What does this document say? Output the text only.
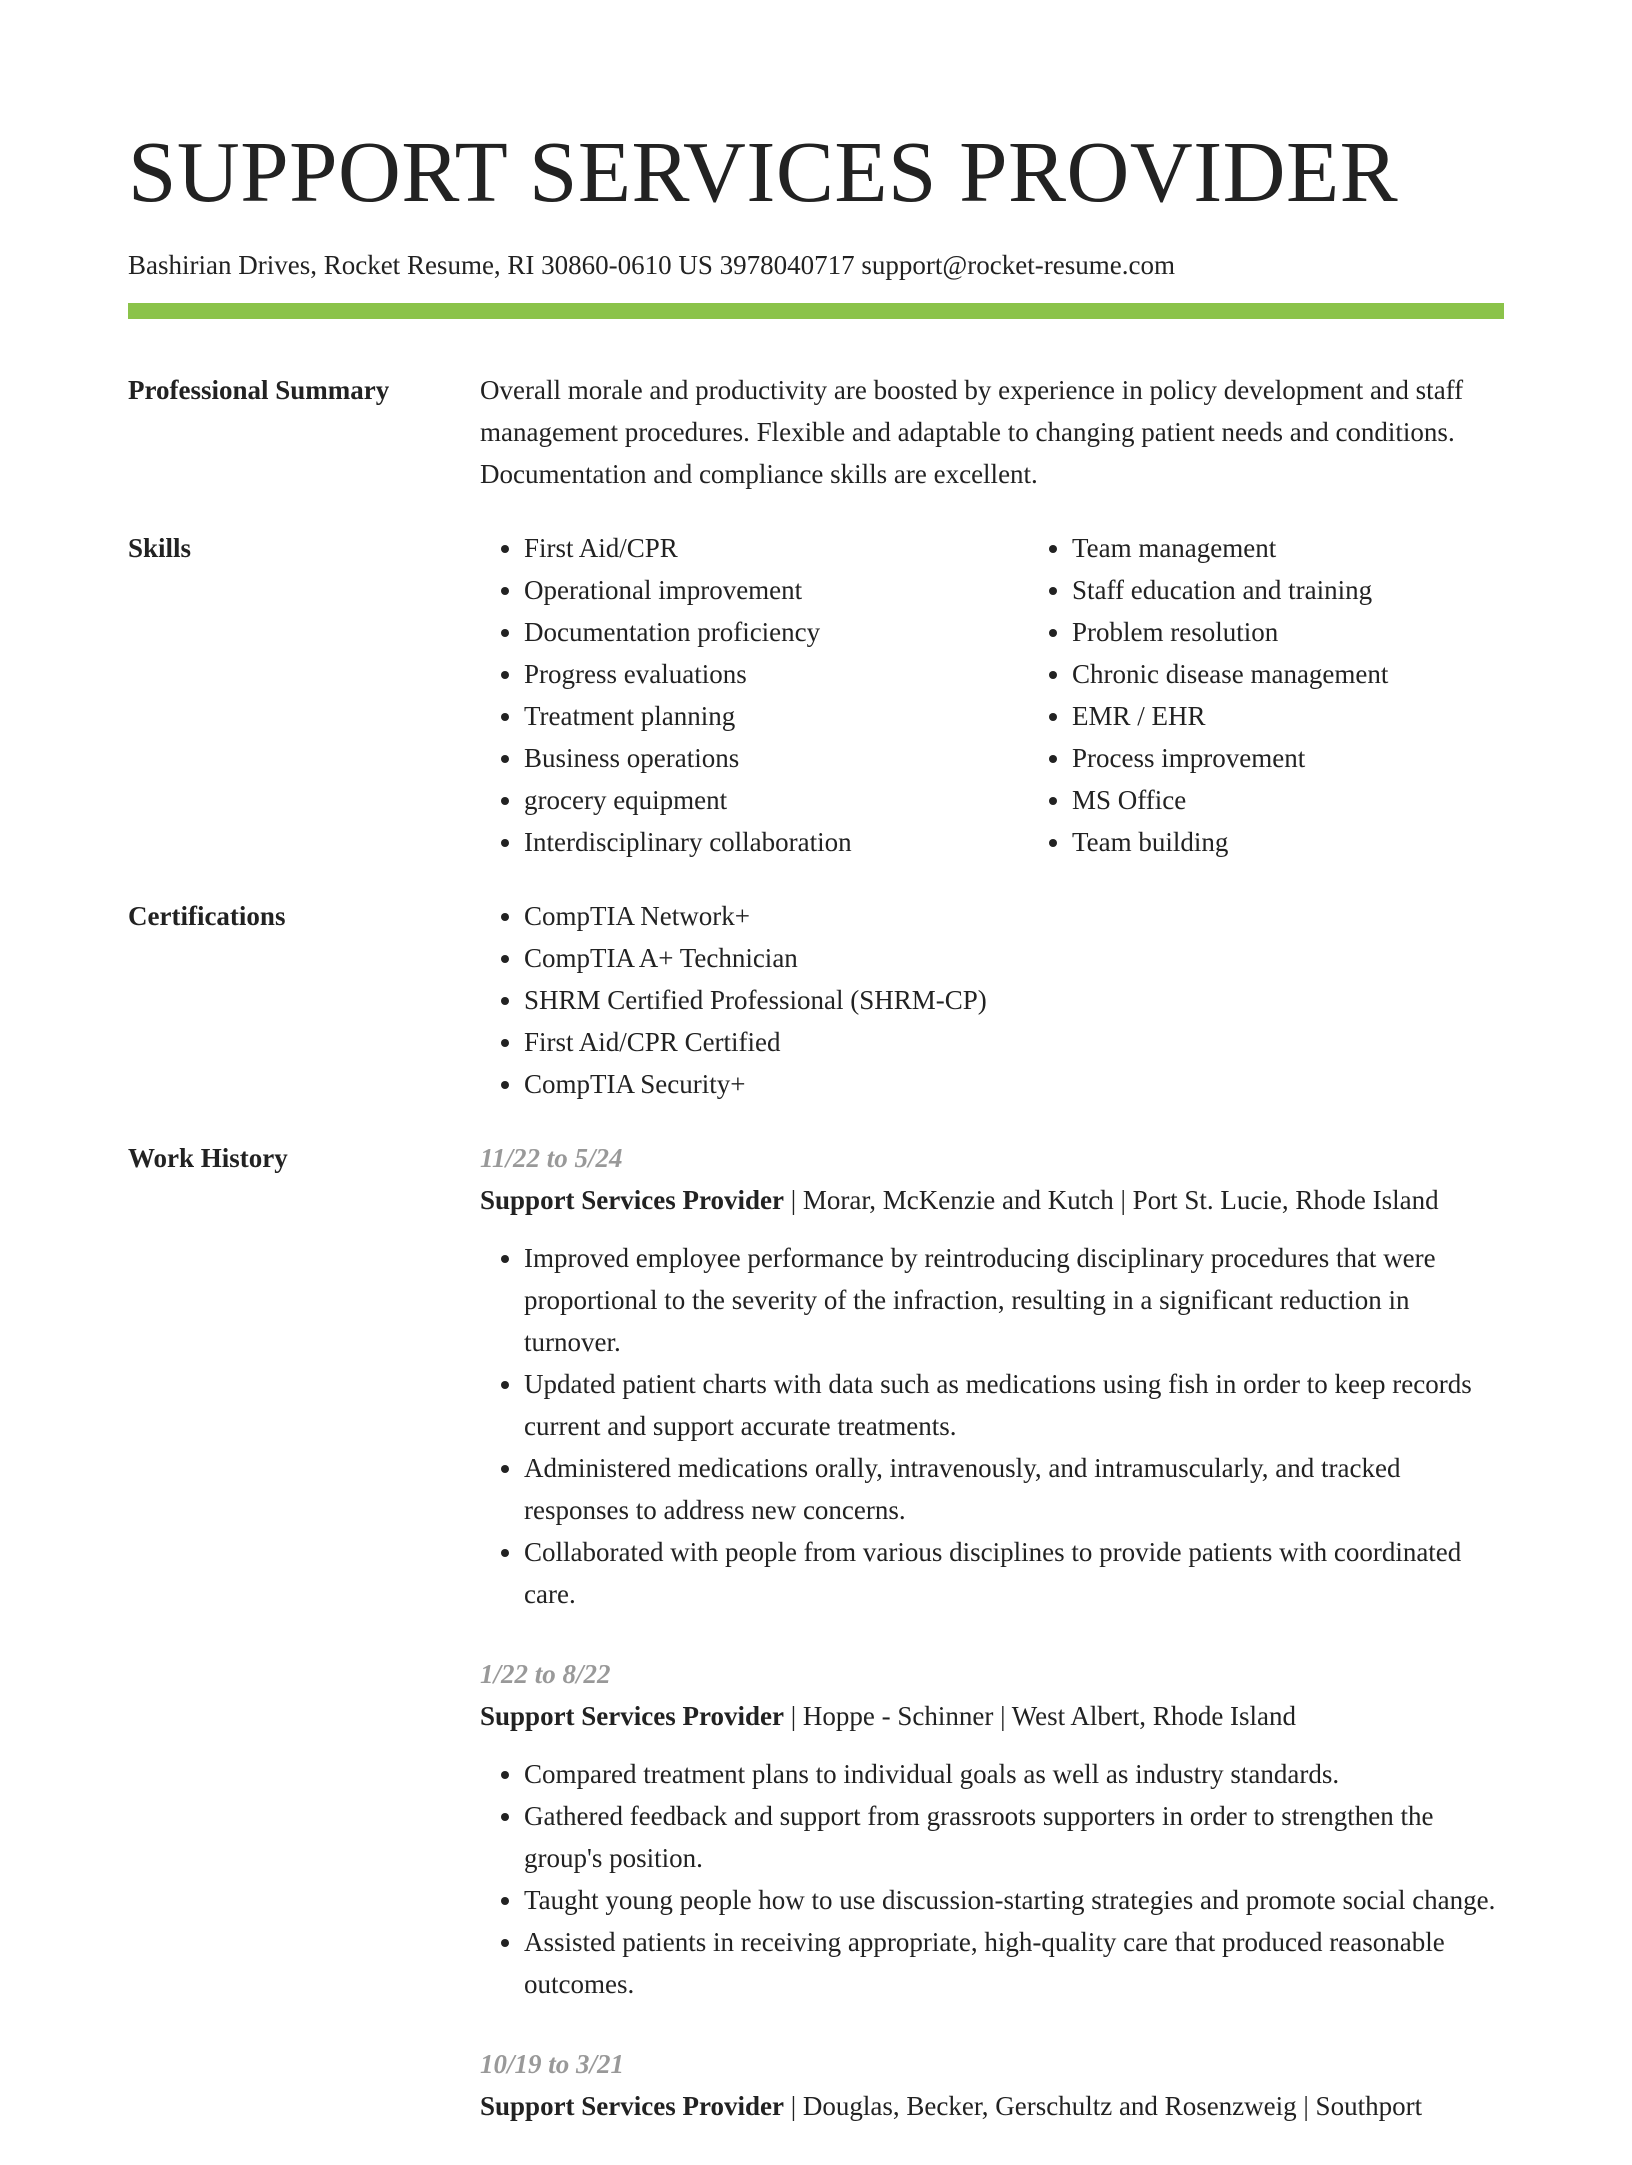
SUPPORT SERVICES PROVIDER
Bashirian Drives, Rocket Resume, RI 30860-0610 US 3978040717 support@rocket-resume.com
Professional Summary	Overall morale and productivity are boosted by experience in policy development and staff management procedures. Flexible and adaptable to changing patient needs and conditions. Documentation and compliance skills are excellent.
Skills	• First Aid/CPR
• Operational improvement
• Documentation proficiency
• Progress evaluations
• Treatment planning
• Business operations
• grocery equipment
• Interdisciplinary collaboration
• Team management
• Staff education and training
• Problem resolution
• Chronic disease management
• EMR / EHR
• Process improvement
• MS Office
• Team building
Certifications	• CompTIA Network+
• CompTIA A+ Technician
• SHRM Certified Professional (SHRM-CP)
• First Aid/CPR Certified
• CompTIA Security+
Work History	11/22 to 5/24
Support Services Provider | Morar, McKenzie and Kutch | Port St. Lucie, Rhode Island
• Improved employee performance by reintroducing disciplinary procedures that were proportional to the severity of the infraction, resulting in a significant reduction in turnover.
• Updated patient charts with data such as medications using fish in order to keep records current and support accurate treatments.
• Administered medications orally, intravenously, and intramuscularly, and tracked responses to address new concerns.
• Collaborated with people from various disciplines to provide patients with coordinated care.
1/22 to 8/22
Support Services Provider | Hoppe - Schinner | West Albert, Rhode Island
• Compared treatment plans to individual goals as well as industry standards.
• Gathered feedback and support from grassroots supporters in order to strengthen the group's position.
• Taught young people how to use discussion-starting strategies and promote social change.
• Assisted patients in receiving appropriate, high-quality care that produced reasonable outcomes.
10/19 to 3/21
Support Services Provider | Douglas, Becker, Gerschultz and Rosenzweig | Southport
